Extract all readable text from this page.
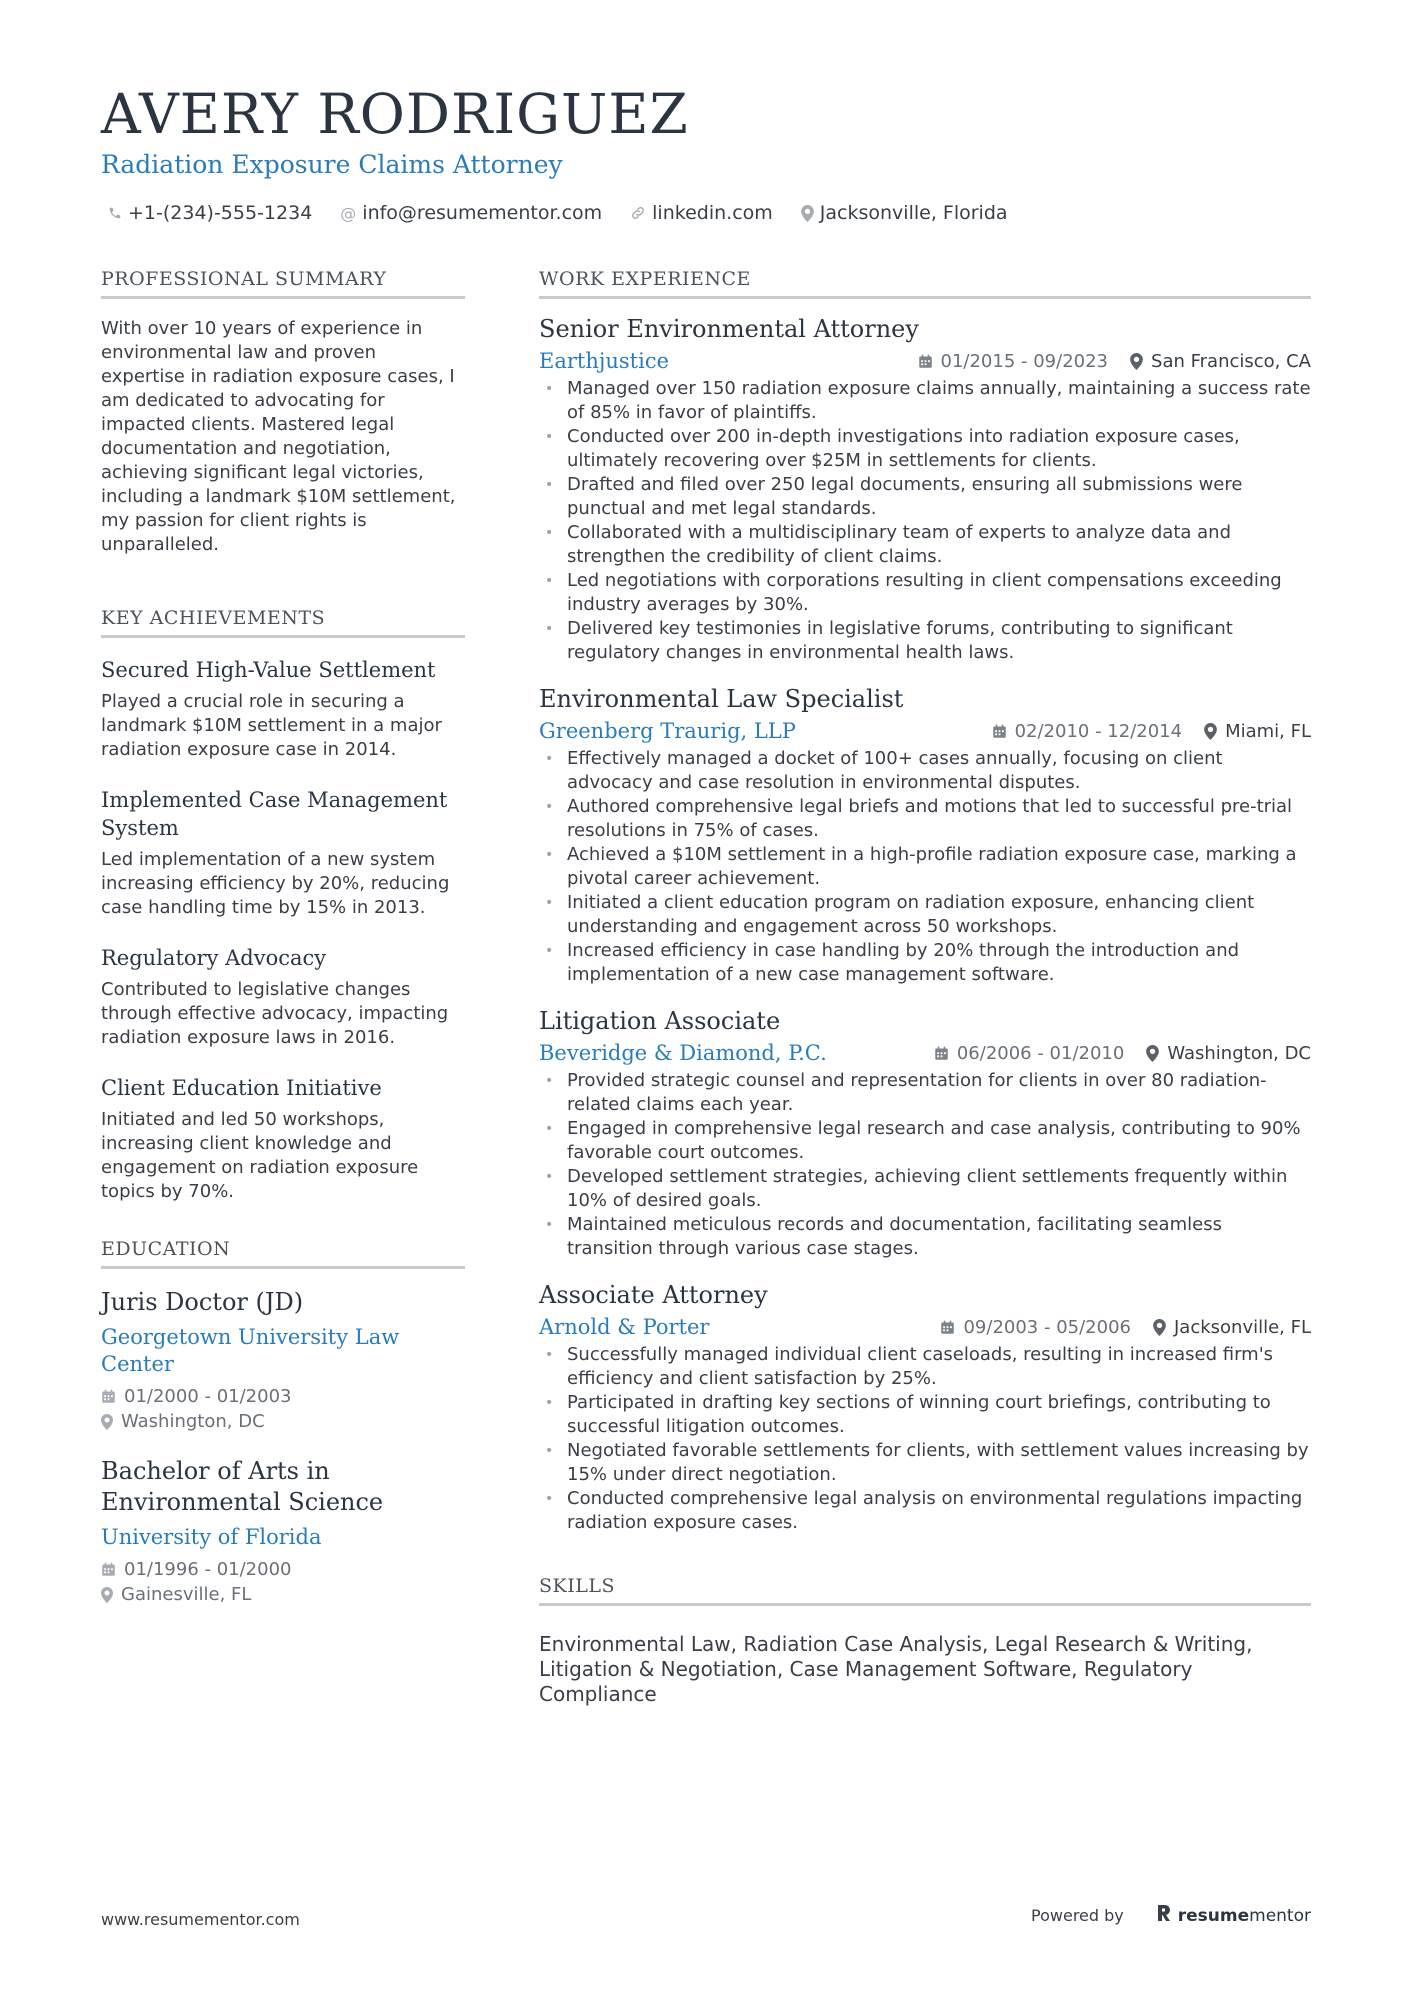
AVERY RODRIGUEZ
Radiation Exposure Claims Attorney
+1-(234)-555-1234 @ info@resumementor.com	linkedin.com Jacksonville, Florida
PROFESSIONAL SUMMARY
With over 10 years of experience in environmental law and proven expertise in radiation exposure cases, I am dedicated to advocating for impacted clients. Mastered legal documentation and negotiation, achieving significant legal victories, including a landmark $10M settlement, my passion for client rights is unparalleled.
KEY ACHIEVEMENTS
Secured High-Value Settlement
Played a crucial role in securing a landmark $10M settlement in a major radiation exposure case in 2014.
Implemented Case Management System
Led implementation of a new system increasing efficiency by 20%, reducing case handling time by 15% in 2013.
Regulatory Advocacy
Contributed to legislative changes through effective advocacy, impacting radiation exposure laws in 2016.
Client Education Initiative
Initiated and led 50 workshops, increasing client knowledge and engagement on radiation exposure topics by 70%.
EDUCATION
Juris Doctor (JD)
Georgetown University Law Center
01/2000 - 01/2003
Washington, DC
Bachelor of Arts in Environmental Science
University of Florida
01/1996 - 01/2000
Gainesville, FL
WORK EXPERIENCE
Senior Environmental Attorney
Earthjustice	01/2015 - 09/2023 San Francisco, CA
• Managed over 150 radiation exposure claims annually, maintaining a success rate of 85% in favor of plaintiffs.
• Conducted over 200 in-depth investigations into radiation exposure cases, ultimately recovering over $25M in settlements for clients.
• Drafted and filed over 250 legal documents, ensuring all submissions were punctual and met legal standards.
• Collaborated with a multidisciplinary team of experts to analyze data and strengthen the credibility of client claims.
• Led negotiations with corporations resulting in client compensations exceeding industry averages by 30%.
• Delivered key testimonies in legislative forums, contributing to significant regulatory changes in environmental health laws.
Environmental Law Specialist
Greenberg Traurig, LLP	02/2010 - 12/2014 Miami, FL
• Effectively managed a docket of 100+ cases annually, focusing on client advocacy and case resolution in environmental disputes.
• Authored comprehensive legal briefs and motions that led to successful pre-trial resolutions in 75% of cases.
• Achieved a $10M settlement in a high-profile radiation exposure case, marking a pivotal career achievement.
• Initiated a client education program on radiation exposure, enhancing client understanding and engagement across 50 workshops.
• Increased efficiency in case handling by 20% through the introduction and implementation of a new case management software.
Litigation Associate
Beveridge & Diamond, P.C.	06/2006 - 01/2010 Washington, DC
• Provided strategic counsel and representation for clients in over 80 radiation-related claims each year.
• Engaged in comprehensive legal research and case analysis, contributing to 90% favorable court outcomes.
• Developed settlement strategies, achieving client settlements frequently within 10% of desired goals.
• Maintained meticulous records and documentation, facilitating seamless transition through various case stages.
Associate Attorney
Arnold & Porter	09/2003 - 05/2006 Jacksonville, FL
• Successfully managed individual client caseloads, resulting in increased firm's efficiency and client satisfaction by 25%.
• Participated in drafting key sections of winning court briefings, contributing to successful litigation outcomes.
• Negotiated favorable settlements for clients, with settlement values increasing by 15% under direct negotiation.
• Conducted comprehensive legal analysis on environmental regulations impacting radiation exposure cases.
SKILLS
Environmental Law, Radiation Case Analysis, Legal Research & Writing, Litigation & Negotiation, Case Management Software, Regulatory Compliance
www.resumementor.com	Powered by	resumementor
